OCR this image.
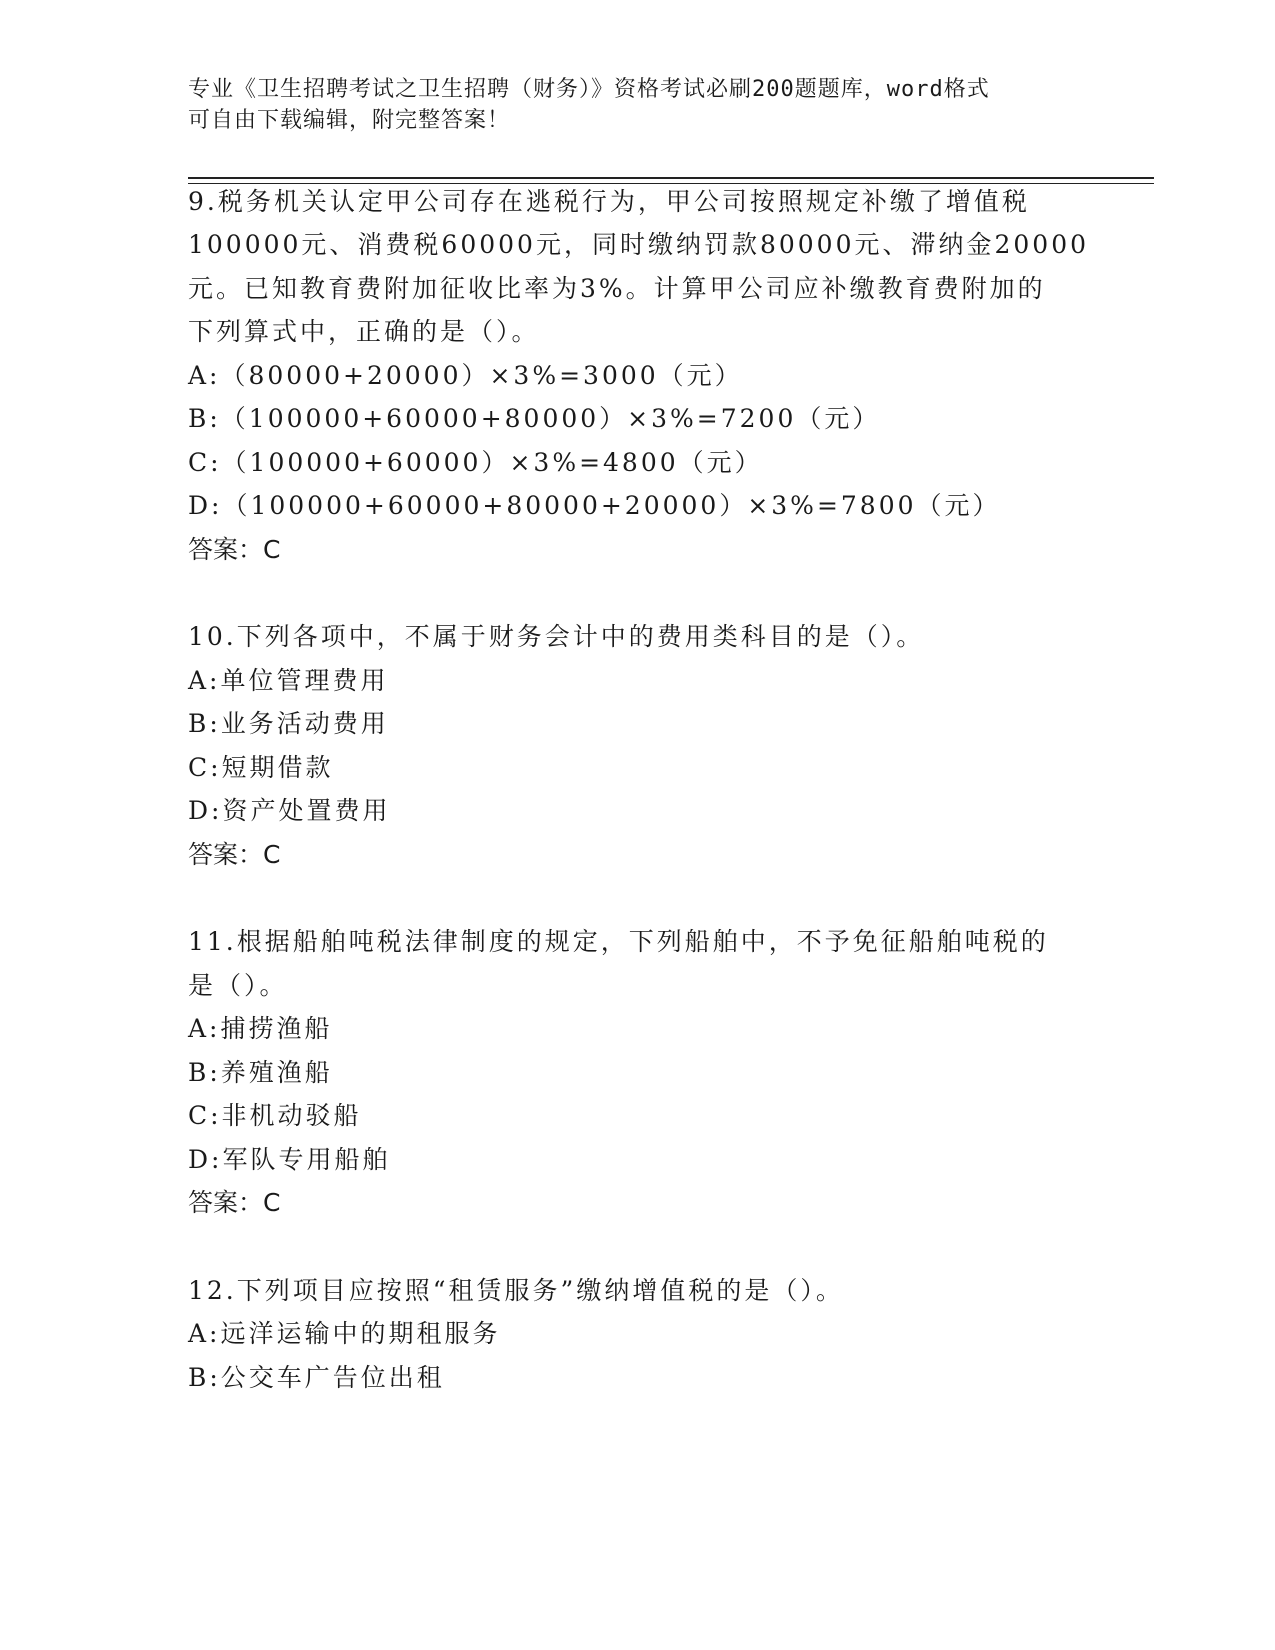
专业《卫生招聘考试之卫生招聘（财务）》资格考试必刷200题题库，word格式
可自由下载编辑，附完整答案！
9.税务机关认定甲公司存在逃税行为，甲公司按照规定补缴了增值税
100000元、消费税60000元，同时缴纳罚款80000元、滞纳金20000
元。已知教育费附加征收比率为3%。计算甲公司应补缴教育费附加的
下列算式中，正确的是（）。
A:（80000+20000）×3%=3000（元）
B:（100000+60000+80000）×3%=7200（元）
C:（100000+60000）×3%=4800（元）
D:（100000+60000+80000+20000）×3%=7800（元）
答案：C
10.下列各项中，不属于财务会计中的费用类科目的是（）。
A:单位管理费用
B:业务活动费用
C:短期借款
D:资产处置费用
答案：C
11.根据船舶吨税法律制度的规定，下列船舶中，不予免征船舶吨税的
是（）。
A:捕捞渔船
B:养殖渔船
C:非机动驳船
D:军队专用船舶
答案：C
12.下列项目应按照“租赁服务”缴纳增值税的是（）。
A:远洋运输中的期租服务
B:公交车广告位出租
